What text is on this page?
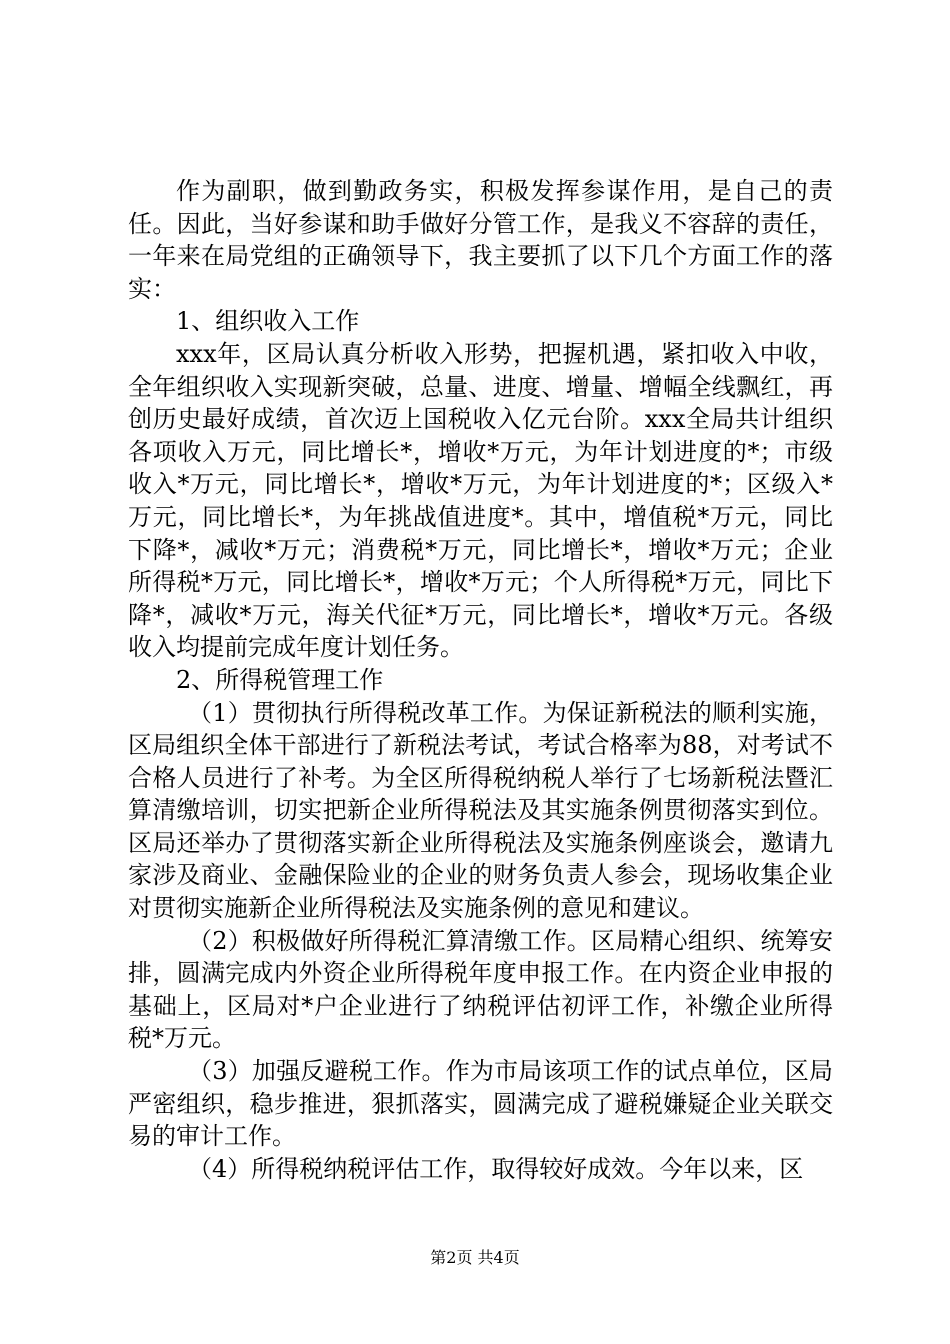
作为副职，做到勤政务实，积极发挥参谋作用，是自己的责任。因此，当好参谋和助手做好分管工作，是我义不容辞的责任，一年来在局党组的正确领导下，我主要抓了以下几个方面工作的落实：

1、组织收入工作

xxx年，区局认真分析收入形势，把握机遇，紧扣收入中收，全年组织收入实现新突破，总量、进度、增量、增幅全线飘红，再创历史最好成绩，首次迈上国税收入亿元台阶。xxx全局共计组织各项收入万元，同比增长*，增收*万元，为年计划进度的*；市级收入*万元，同比增长*，增收*万元，为年计划进度的*；区级入*万元，同比增长*，为年挑战值进度*。其中，增值税*万元，同比下降*，减收*万元；消费税*万元，同比增长*，增收*万元；企业所得税*万元，同比增长*，增收*万元；个人所得税*万元，同比下降*，减收*万元，海关代征*万元，同比增长*，增收*万元。各级收入均提前完成年度计划任务。

2、所得税管理工作

（1）贯彻执行所得税改革工作。为保证新税法的顺利实施，区局组织全体干部进行了新税法考试，考试合格率为88，对考试不合格人员进行了补考。为全区所得税纳税人举行了七场新税法暨汇算清缴培训，切实把新企业所得税法及其实施条例贯彻落实到位。区局还举办了贯彻落实新企业所得税法及实施条例座谈会，邀请九家涉及商业、金融保险业的企业的财务负责人参会，现场收集企业对贯彻实施新企业所得税法及实施条例的意见和建议。

（2）积极做好所得税汇算清缴工作。区局精心组织、统筹安排，圆满完成内外资企业所得税年度申报工作。在内资企业申报的基础上，区局对*户企业进行了纳税评估初评工作，补缴企业所得税*万元。

（3）加强反避税工作。作为市局该项工作的试点单位，区局严密组织，稳步推进，狠抓落实，圆满完成了避税嫌疑企业关联交易的审计工作。

（4）所得税纳税评估工作，取得较好成效。今年以来，区

第2页 共4页
